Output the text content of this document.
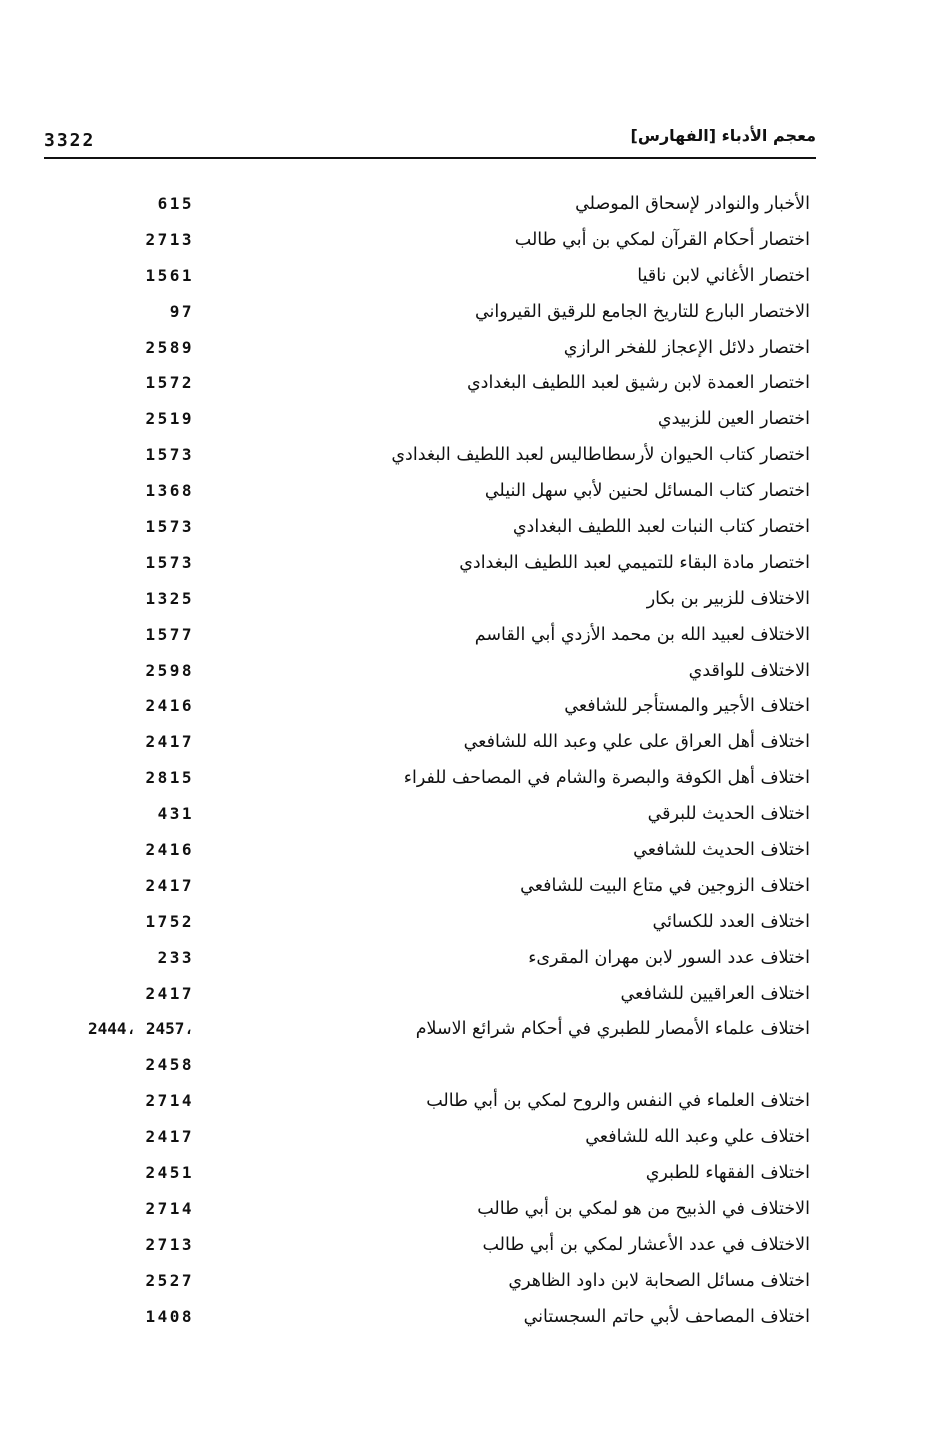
3322	معجم الأدباء [الفهارس]
الأخبار والنوادر لإسحاق الموصلي
615
اختصار أحكام القرآن لمكي بن أبي طالب
2713
اختصار الأغاني لابن ناقيا
1561
الاختصار البارع للتاريخ الجامع للرقيق القيرواني
97
اختصار دلائل الإعجاز للفخر الرازي
2589
اختصار العمدة لابن رشيق لعبد اللطيف البغدادي
1572
اختصار العين للزبيدي
2519
اختصار كتاب الحيوان لأرسطاطاليس لعبد اللطيف البغدادي
1573
اختصار كتاب المسائل لحنين لأبي سهل النيلي
1368
اختصار كتاب النبات لعبد اللطيف البغدادي
1573
اختصار مادة البقاء للتميمي لعبد اللطيف البغدادي
1573
الاختلاف للزبير بن بكار
1325
الاختلاف لعبيد الله بن محمد الأزدي أبي القاسم
1577
الاختلاف للواقدي
2598
اختلاف الأجير والمستأجر للشافعي
2416
اختلاف أهل العراق على علي وعبد الله للشافعي
2417
اختلاف أهل الكوفة والبصرة والشام في المصاحف للفراء
2815
اختلاف الحديث للبرقي
431
اختلاف الحديث للشافعي
2416
اختلاف الزوجين في متاع البيت للشافعي
2417
اختلاف العدد للكسائي
1752
اختلاف عدد السور لابن مهران المقرىء
233
اختلاف العراقيين للشافعي
2417
اختلاف علماء الأمصار للطبري في أحكام شرائع الاسلام
2444، 2457،
2458
اختلاف العلماء في النفس والروح لمكي بن أبي طالب
2714
اختلاف علي وعبد الله للشافعي
2417
اختلاف الفقهاء للطبري
2451
الاختلاف في الذبيح من هو لمكي بن أبي طالب
2714
الاختلاف في عدد الأعشار لمكي بن أبي طالب
2713
اختلاف مسائل الصحابة لابن داود الظاهري
2527
اختلاف المصاحف لأبي حاتم السجستاني
1408
